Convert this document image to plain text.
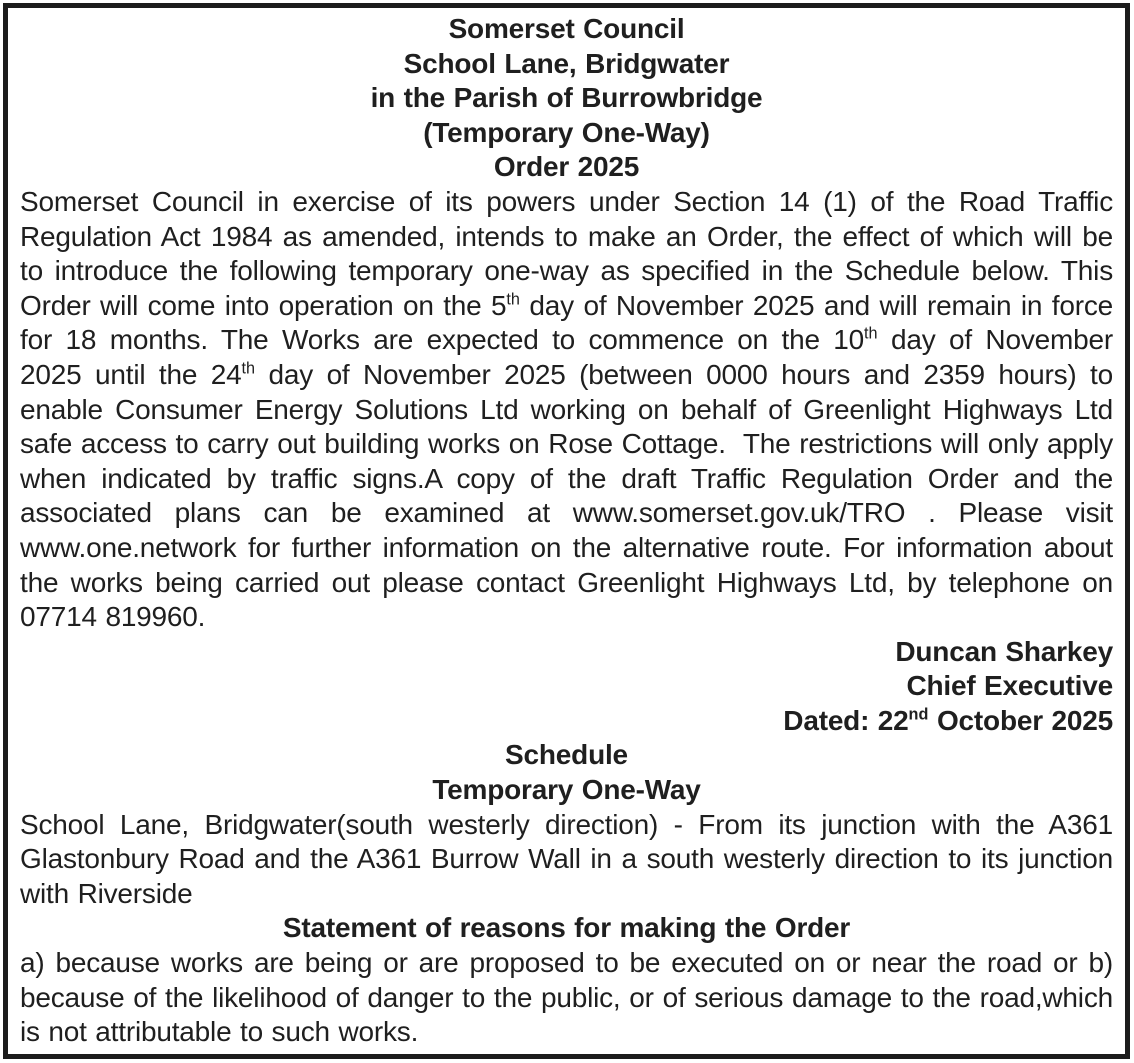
Somerset Council
School Lane, Bridgwater
in the Parish of Burrowbridge
(Temporary One-Way)
Order 2025
Somerset Council in exercise of its powers under Section 14 (1) of the Road Traffic Regulation Act 1984 as amended, intends to make an Order, the effect of which will be to introduce the following temporary one-way as specified in the Schedule below. This Order will come into operation on the 5th day of November 2025 and will remain in force for 18 months. The Works are expected to commence on the 10th day of November 2025 until the 24th day of November 2025 (between 0000 hours and 2359 hours) to enable Consumer Energy Solutions Ltd working on behalf of Greenlight Highways Ltd safe access to carry out building works on Rose Cottage.  The restrictions will only apply when indicated by traffic signs.A copy of the draft Traffic Regulation Order and the associated plans can be examined at www.somerset.gov.uk/TRO . Please visit www.one.network for further information on the alternative route. For information about the works being carried out please contact Greenlight Highways Ltd, by telephone on 07714 819960.
Duncan Sharkey
Chief Executive
Dated: 22nd October 2025
Schedule
Temporary One-Way
School Lane, Bridgwater(south westerly direction) - From its junction with the A361 Glastonbury Road and the A361 Burrow Wall in a south westerly direction to its junction with Riverside
Statement of reasons for making the Order
a) because works are being or are proposed to be executed on or near the road or b) because of the likelihood of danger to the public, or of serious damage to the road,which is not attributable to such works.
